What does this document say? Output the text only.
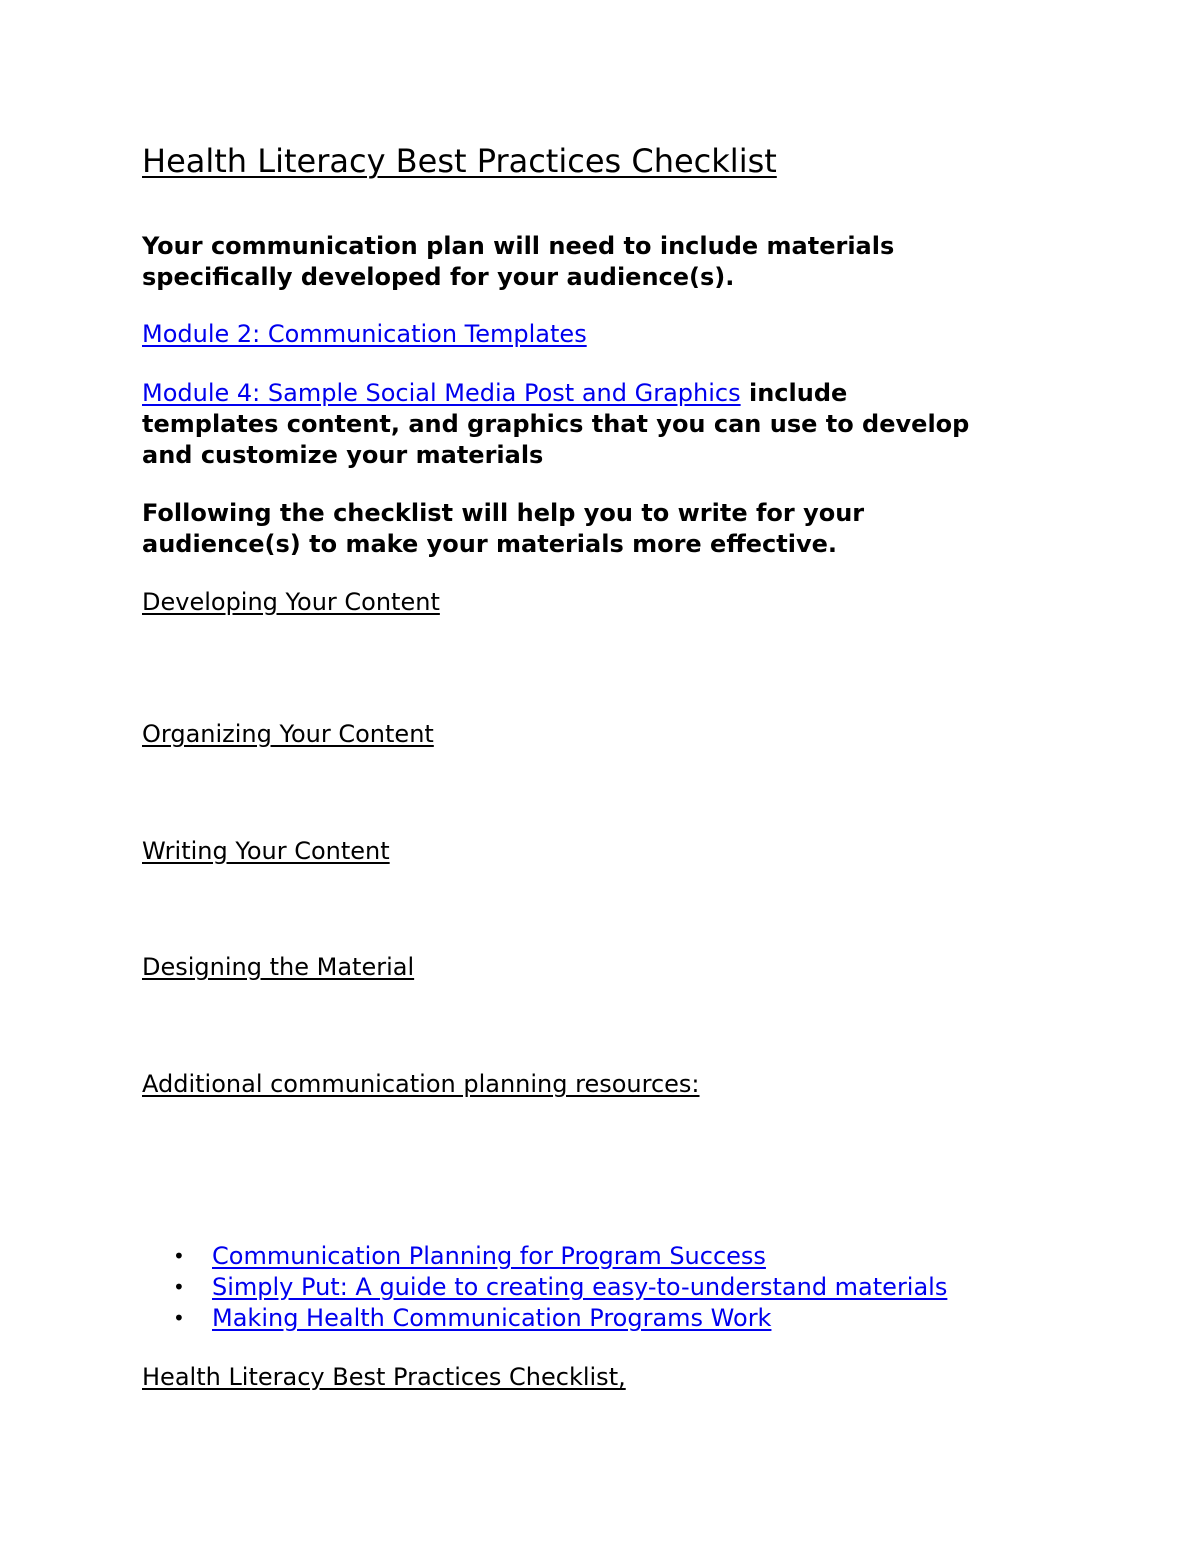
Health Literacy Best Practices Checklist

Your communication plan will need to include materials
specifically developed for your audience(s).

Module 2: Communication Templates

Module 4: Sample Social Media Post and Graphics include
templates content, and graphics that you can use to develop
and customize your materials

Following the checklist will help you to write for your
audience(s) to make your materials more effective.

Developing Your Content

Organizing Your Content

Writing Your Content

Designing the Material

Additional communication planning resources:

• Communication Planning for Program Success
• Simply Put: A guide to creating easy-to-understand materials
• Making Health Communication Programs Work

Health Literacy Best Practices Checklist,
